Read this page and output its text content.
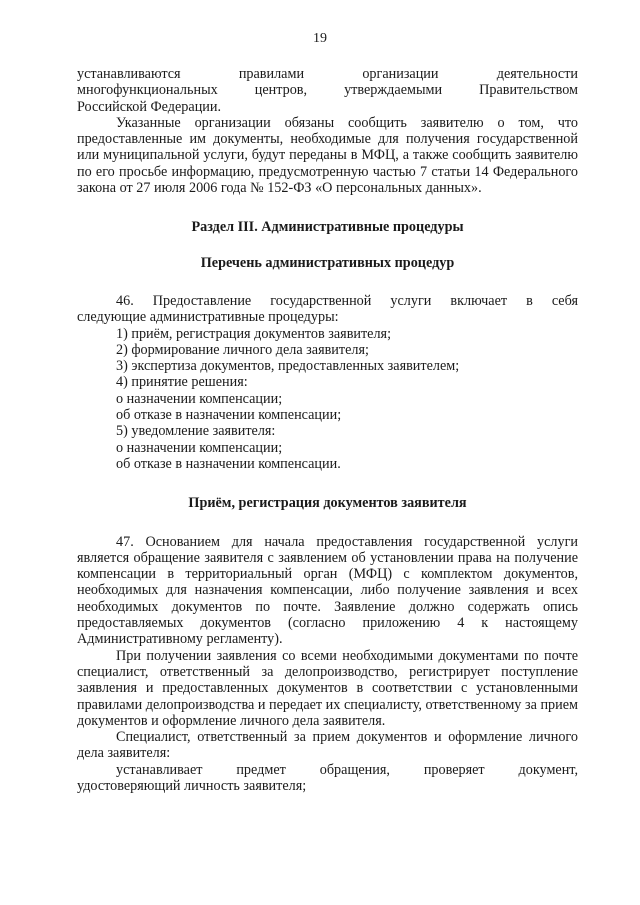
19

устанавливаются правилами организации деятельности

многофункциональных центров, утверждаемыми Правительством

Российской Федерации.

Указанные организации обязаны сообщить заявителю о том, что предоставленные им документы, необходимые для получения государственной или муниципальной услуги, будут переданы в МФЦ, а также сообщить заявителю по его просьбе информацию, предусмотренную частью 7 статьи 14 Федерального закона от 27 июля 2006 года № 152-ФЗ «О персональных данных».

Раздел III. Административные процедуры

Перечень административных процедур

46. Предоставление государственной услуги включает в себя

следующие административные процедуры:

1) приём, регистрация документов заявителя;

2) формирование личного дела заявителя;

3) экспертиза документов, предоставленных заявителем;

4) принятие решения:

о назначении компенсации;

об отказе в назначении компенсации;

5) уведомление заявителя:

о назначении компенсации;

об отказе в назначении компенсации.

Приём, регистрация документов заявителя

47. Основанием для начала предоставления государственной услуги является обращение заявителя с заявлением об установлении права на получение компенсации в территориальный орган (МФЦ) с комплектом документов, необходимых для назначения компенсации, либо получение заявления и всех необходимых документов по почте. Заявление должно содержать опись предоставляемых документов (согласно приложению 4 к настоящему Административному регламенту).

При получении заявления со всеми необходимыми документами по почте специалист, ответственный за делопроизводство, регистрирует поступление заявления и предоставленных документов в соответствии с установленными правилами делопроизводства и передает их специалисту, ответственному за прием документов и оформление личного дела заявителя.

Специалист, ответственный за прием документов и оформление личного дела заявителя:

устанавливает предмет обращения, проверяет документ,

удостоверяющий личность заявителя;
